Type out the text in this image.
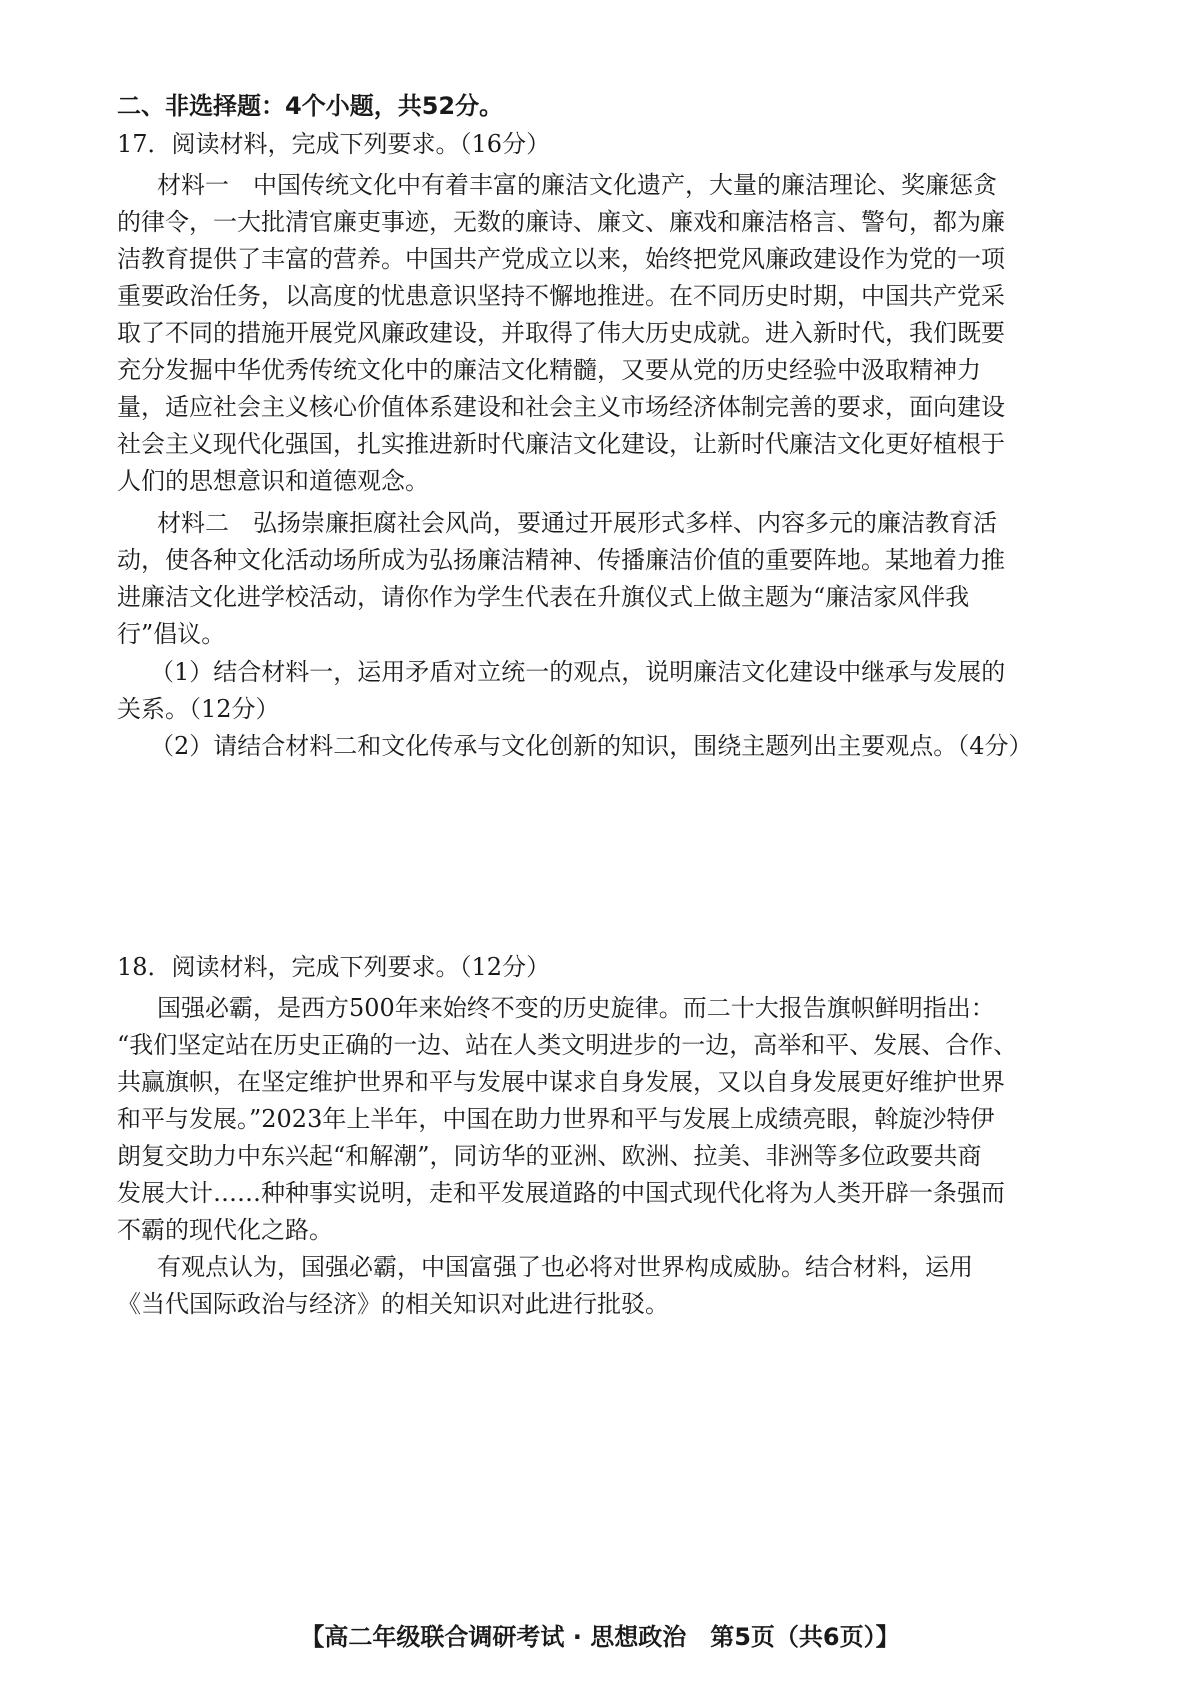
二、非选择题：4个小题，共52分。
17．阅读材料，完成下列要求。（16分）
材料一　中国传统文化中有着丰富的廉洁文化遗产，大量的廉洁理论、奖廉惩贪
的律令，一大批清官廉吏事迹，无数的廉诗、廉文、廉戏和廉洁格言、警句，都为廉
洁教育提供了丰富的营养。中国共产党成立以来，始终把党风廉政建设作为党的一项
重要政治任务，以高度的忧患意识坚持不懈地推进。在不同历史时期，中国共产党采
取了不同的措施开展党风廉政建设，并取得了伟大历史成就。进入新时代，我们既要
充分发掘中华优秀传统文化中的廉洁文化精髓，又要从党的历史经验中汲取精神力
量，适应社会主义核心价值体系建设和社会主义市场经济体制完善的要求，面向建设
社会主义现代化强国，扎实推进新时代廉洁文化建设，让新时代廉洁文化更好植根于
人们的思想意识和道德观念。
材料二　弘扬崇廉拒腐社会风尚，要通过开展形式多样、内容多元的廉洁教育活
动，使各种文化活动场所成为弘扬廉洁精神、传播廉洁价值的重要阵地。某地着力推
进廉洁文化进学校活动，请你作为学生代表在升旗仪式上做主题为“廉洁家风伴我
行”倡议。
（1）结合材料一，运用矛盾对立统一的观点，说明廉洁文化建设中继承与发展的
关系。（12分）
（2）请结合材料二和文化传承与文化创新的知识，围绕主题列出主要观点。（4分）
18．阅读材料，完成下列要求。（12分）
国强必霸，是西方500年来始终不变的历史旋律。而二十大报告旗帜鲜明指出：
“我们坚定站在历史正确的一边、站在人类文明进步的一边，高举和平、发展、合作、
共赢旗帜，在坚定维护世界和平与发展中谋求自身发展，又以自身发展更好维护世界
和平与发展。”2023年上半年，中国在助力世界和平与发展上成绩亮眼，斡旋沙特伊
朗复交助力中东兴起“和解潮”，同访华的亚洲、欧洲、拉美、非洲等多位政要共商
发展大计……种种事实说明，走和平发展道路的中国式现代化将为人类开辟一条强而
不霸的现代化之路。
有观点认为，国强必霸，中国富强了也必将对世界构成威胁。结合材料，运用
《当代国际政治与经济》的相关知识对此进行批驳。
【高二年级联合调研考试 · 思想政治　第5页（共6页）】
